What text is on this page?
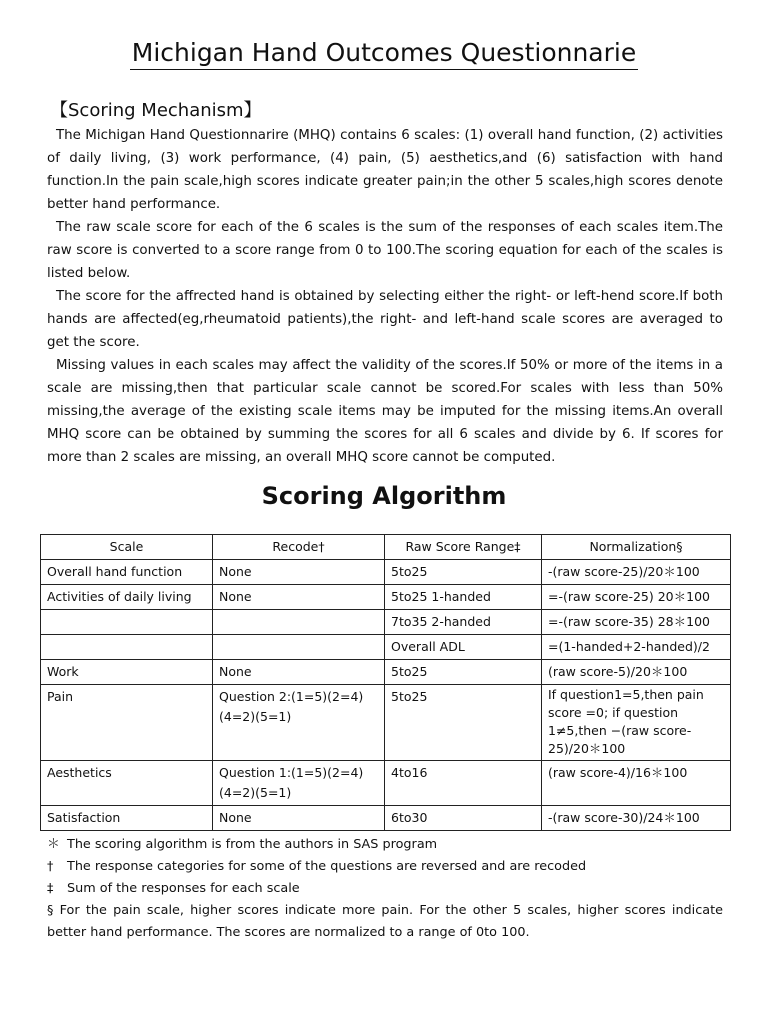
Michigan Hand Outcomes Questionnarie
【Scoring Mechanism】

The Michigan Hand Questionnarire (MHQ) contains 6 scales: (1) overall hand function, (2) activities of daily living, (3) work performance, (4) pain, (5) aesthetics,and (6) satisfaction with hand function.In the pain scale,high scores indicate greater pain;in the other 5 scales,high scores denote better hand performance.

The raw scale score for each of the 6 scales is the sum of the responses of each scales item.The raw score is converted to a score range from 0 to 100.The scoring equation for each of the scales is listed below.

The score for the affrected hand is obtained by selecting either the right- or left-hend score.If both hands are affected(eg,rheumatoid patients),the right- and left-hand scale scores are averaged to get the score.

Missing values in each scales may affect the validity of the scores.If 50% or more of the items in a scale are missing,then that particular scale cannot be scored.For scales with less than 50% missing,the average of the existing scale items may be imputed for the missing items.An overall MHQ score can be obtained by summing the scores for all 6 scales and divide by 6. If scores for more than 2 scales are missing, an overall MHQ score cannot be computed.

Scoring Algorithm
Scale	Recode†	Raw Score Range‡	Normalization§
Overall hand function	None	5to25	-(raw score-25)/20＊100
Activities of daily living	None	5to25 1-handed	=-(raw score-25) 20＊100
		7to35 2-handed	=-(raw score-35) 28＊100
		Overall ADL	=(1-handed+2-handed)/2
Work	None	5to25	(raw score-5)/20＊100
Pain	Question 2:(1=5)(2=4)(4=2)(5=1)	5to25	If question1=5,then pain score =0; if question 1≠5,then −(raw score-25)/20＊100
Aesthetics	Question 1:(1=5)(2=4)(4=2)(5=1)	4to16	(raw score-4)/16＊100
Satisfaction	None	6to30	-(raw score-30)/24＊100
＊ The scoring algorithm is from the authors in SAS program
†	The response categories for some of the questions are reversed and are recoded
‡	Sum of the responses for each scale
§ For the pain scale, higher scores indicate more pain. For the other 5 scales, higher scores indicate better hand performance. The scores are normalized to a range of 0to 100.
